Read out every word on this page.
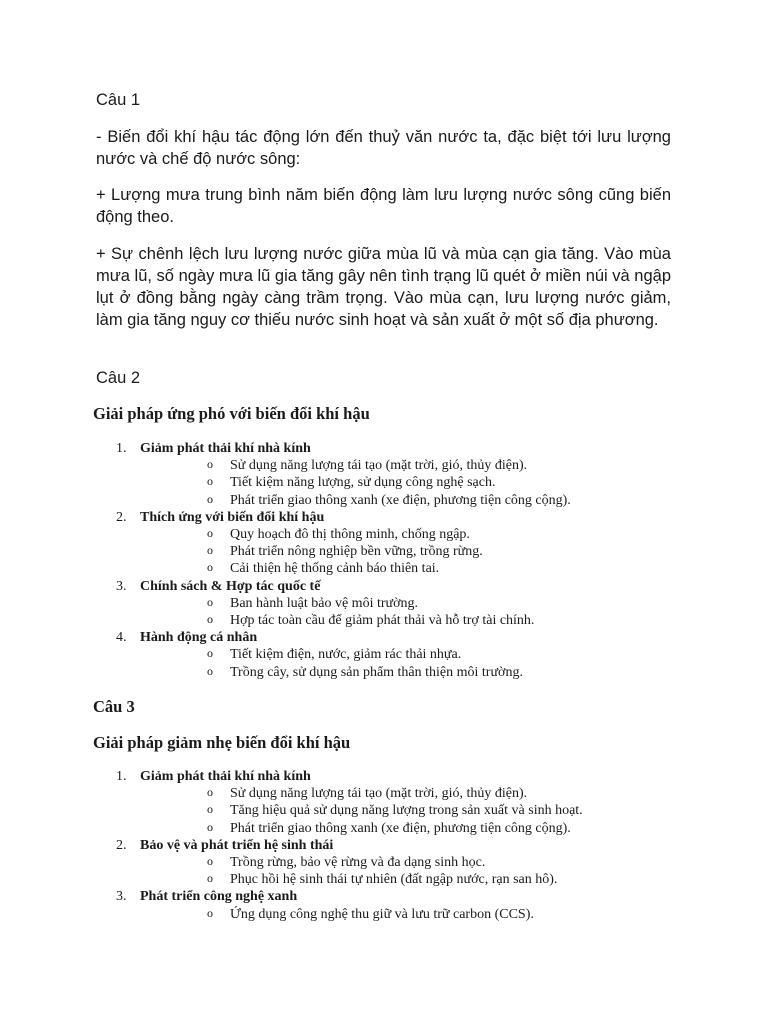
Câu 1

- Biến đổi khí hậu tác động lớn đến thuỷ văn nước ta, đặc biệt tới lưu lượng nước và chế độ nước sông:

+ Lượng mưa trung bình năm biến động làm lưu lượng nước sông cũng biến động theo.

+ Sự chênh lệch lưu lượng nước giữa mùa lũ và mùa cạn gia tăng. Vào mùa mưa lũ, số ngày mưa lũ gia tăng gây nên tình trạng lũ quét ở miền núi và ngập lụt ở đồng bằng ngày càng trầm trọng. Vào mùa cạn, lưu lượng nước giảm, làm gia tăng nguy cơ thiếu nước sinh hoạt và sản xuất ở một số địa phương.

Câu 2

Giải pháp ứng phó với biến đổi khí hậu

1. Giảm phát thải khí nhà kính
o Sử dụng năng lượng tái tạo (mặt trời, gió, thủy điện).
o Tiết kiệm năng lượng, sử dụng công nghệ sạch.
o Phát triển giao thông xanh (xe điện, phương tiện công cộng).
2. Thích ứng với biến đổi khí hậu
o Quy hoạch đô thị thông minh, chống ngập.
o Phát triển nông nghiệp bền vững, trồng rừng.
o Cải thiện hệ thống cảnh báo thiên tai.
3. Chính sách & Hợp tác quốc tế
o Ban hành luật bảo vệ môi trường.
o Hợp tác toàn cầu để giảm phát thải và hỗ trợ tài chính.
4. Hành động cá nhân
o Tiết kiệm điện, nước, giảm rác thải nhựa.
o Trồng cây, sử dụng sản phẩm thân thiện môi trường.

Câu 3

Giải pháp giảm nhẹ biến đổi khí hậu

1. Giảm phát thải khí nhà kính
o Sử dụng năng lượng tái tạo (mặt trời, gió, thủy điện).
o Tăng hiệu quả sử dụng năng lượng trong sản xuất và sinh hoạt.
o Phát triển giao thông xanh (xe điện, phương tiện công cộng).
2. Bảo vệ và phát triển hệ sinh thái
o Trồng rừng, bảo vệ rừng và đa dạng sinh học.
o Phục hồi hệ sinh thái tự nhiên (đất ngập nước, rạn san hô).
3. Phát triển công nghệ xanh
o Ứng dụng công nghệ thu giữ và lưu trữ carbon (CCS).
